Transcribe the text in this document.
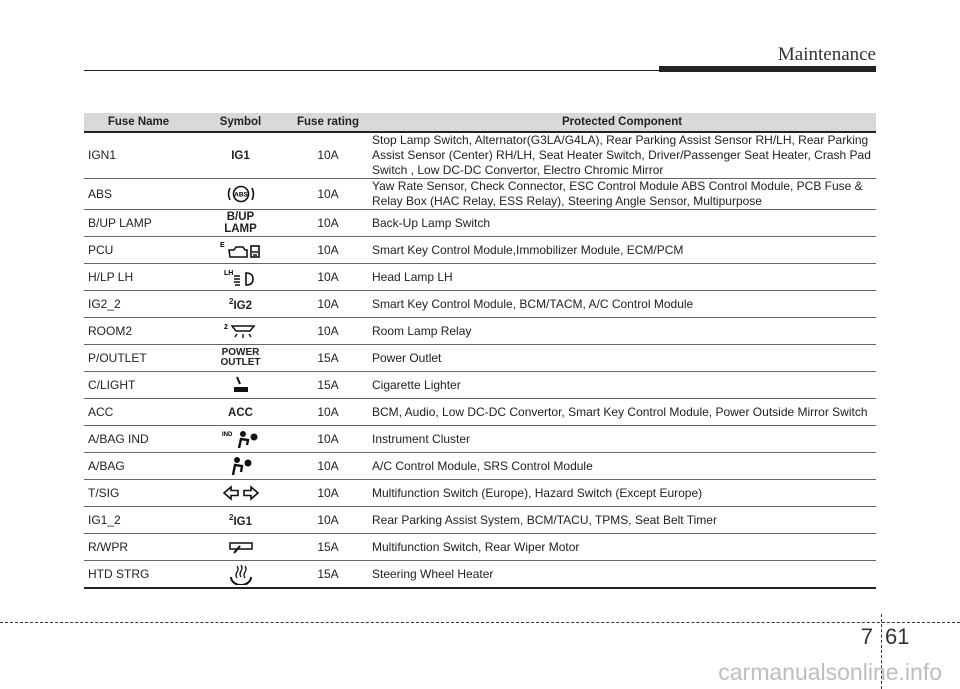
Maintenance
Fuse Name	Symbol	Fuse rating	Protected Component
IGN1	IG1	10A	Stop Lamp Switch, Alternator(G3LA/G4LA), Rear Parking Assist Sensor RH/LH, Rear Parking Assist Sensor (Center) RH/LH, Seat Heater Switch, Driver/Passenger Seat Heater, Crash Pad Switch , Low DC-DC Convertor, Electro Chromic Mirror
ABS	ABS	10A	Yaw Rate Sensor, Check Connector, ESC Control Module ABS Control Module, PCB Fuse & Relay Box (HAC Relay, ESS Relay), Steering Angle Sensor, Multipurpose
B/UP LAMP	B/UP LAMP	10A	Back-Up Lamp Switch
PCU	E	10A	Smart Key Control Module,Immobilizer Module, ECM/PCM
H/LP LH	LH	10A	Head Lamp LH
IG2_2	$^2$IG2	10A	Smart Key Control Module, BCM/TACM, A/C Control Module
ROOM2	2	10A	Room Lamp Relay
P/OUTLET	POWER OUTLET	15A	Power Outlet
C/LIGHT		15A	Cigarette Lighter
ACC	ACC	10A	BCM, Audio, Low DC-DC Convertor, Smart Key Control Module, Power Outside Mirror Switch
A/BAG IND	IND	10A	Instrument Cluster
A/BAG		10A	A/C Control Module, SRS Control Module
T/SIG		10A	Multifunction Switch (Europe), Hazard Switch (Except Europe)
IG1_2	$^2$IG1	10A	Rear Parking Assist System, BCM/TACU, TPMS, Seat Belt Timer
R/WPR		15A	Multifunction Switch, Rear Wiper Motor
HTD STRG		15A	Steering Wheel Heater
7 61
carmanualsonline.info
